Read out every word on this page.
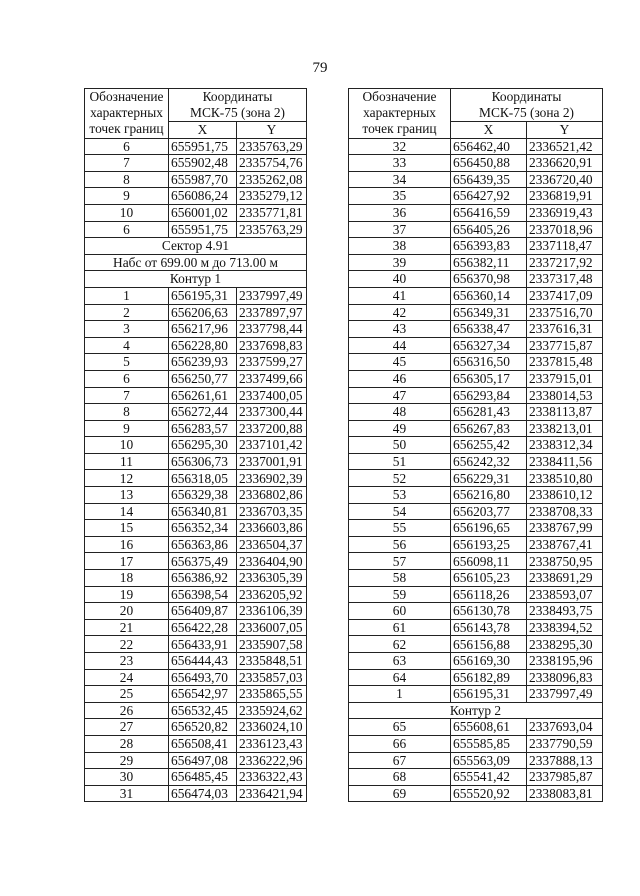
79
Обозначение
характерных
точек границ	Координаты
МСК-75 (зона 2)	
	X	Y
6	655951,75	2335763,29
7	655902,48	2335754,76
8	655987,70	2335262,08
9	656086,24	2335279,12
10	656001,02	2335771,81
6	655951,75	2335763,29
Сектор 4.91		
Набс от 699.00 м до 713.00 м		
Контур 1		
1	656195,31	2337997,49
2	656206,63	2337897,97
3	656217,96	2337798,44
4	656228,80	2337698,83
5	656239,93	2337599,27
6	656250,77	2337499,66
7	656261,61	2337400,05
8	656272,44	2337300,44
9	656283,57	2337200,88
10	656295,30	2337101,42
11	656306,73	2337001,91
12	656318,05	2336902,39
13	656329,38	2336802,86
14	656340,81	2336703,35
15	656352,34	2336603,86
16	656363,86	2336504,37
17	656375,49	2336404,90
18	656386,92	2336305,39
19	656398,54	2336205,92
20	656409,87	2336106,39
21	656422,28	2336007,05
22	656433,91	2335907,58
23	656444,43	2335848,51
24	656493,70	2335857,03
25	656542,97	2335865,55
26	656532,45	2335924,62
27	656520,82	2336024,10
28	656508,41	2336123,43
29	656497,08	2336222,96
30	656485,45	2336322,43
31	656474,03	2336421,94
Обозначение
характерных
точек границ	Координаты
МСК-75 (зона 2)	
	X	Y
32	656462,40	2336521,42
33	656450,88	2336620,91
34	656439,35	2336720,40
35	656427,92	2336819,91
36	656416,59	2336919,43
37	656405,26	2337018,96
38	656393,83	2337118,47
39	656382,11	2337217,92
40	656370,98	2337317,48
41	656360,14	2337417,09
42	656349,31	2337516,70
43	656338,47	2337616,31
44	656327,34	2337715,87
45	656316,50	2337815,48
46	656305,17	2337915,01
47	656293,84	2338014,53
48	656281,43	2338113,87
49	656267,83	2338213,01
50	656255,42	2338312,34
51	656242,32	2338411,56
52	656229,31	2338510,80
53	656216,80	2338610,12
54	656203,77	2338708,33
55	656196,65	2338767,99
56	656193,25	2338767,41
57	656098,11	2338750,95
58	656105,23	2338691,29
59	656118,26	2338593,07
60	656130,78	2338493,75
61	656143,78	2338394,52
62	656156,88	2338295,30
63	656169,30	2338195,96
64	656182,89	2338096,83
1	656195,31	2337997,49
Контур 2		
65	655608,61	2337693,04
66	655585,85	2337790,59
67	655563,09	2337888,13
68	655541,42	2337985,87
69	655520,92	2338083,81
